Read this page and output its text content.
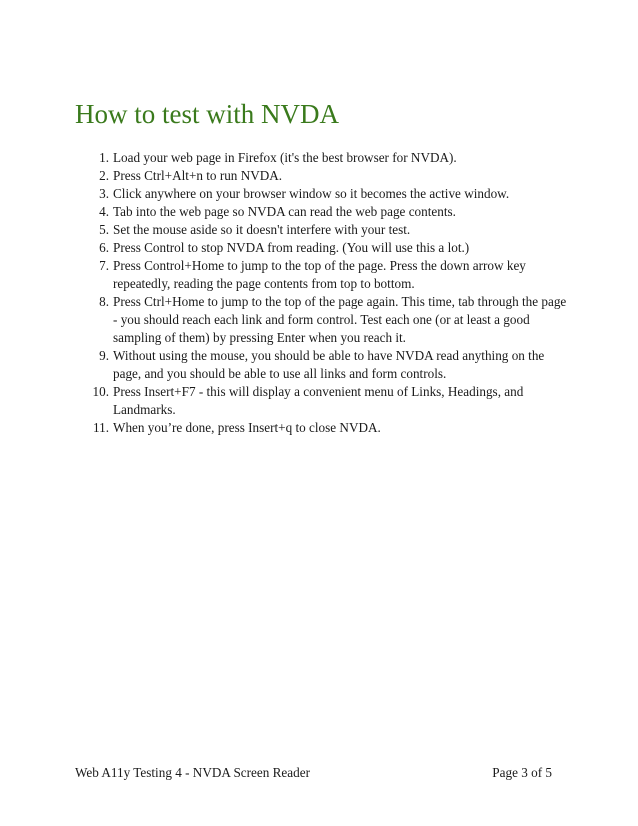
How to test with NVDA
1. Load your web page in Firefox (it's the best browser for NVDA).
2. Press Ctrl+Alt+n to run NVDA.
3. Click anywhere on your browser window so it becomes the active window.
4. Tab into the web page so NVDA can read the web page contents.
5. Set the mouse aside so it doesn't interfere with your test.
6. Press Control to stop NVDA from reading. (You will use this a lot.)
7. Press Control+Home to jump to the top of the page. Press the down arrow key repeatedly, reading the page contents from top to bottom.
8. Press Ctrl+Home to jump to the top of the page again. This time, tab through the page - you should reach each link and form control. Test each one (or at least a good sampling of them) by pressing Enter when you reach it.
9. Without using the mouse, you should be able to have NVDA read anything on the page, and you should be able to use all links and form controls.
10. Press Insert+F7 - this will display a convenient menu of Links, Headings, and Landmarks.
11. When you’re done, press Insert+q to close NVDA.
Web A11y Testing 4 - NVDA Screen Reader	Page 3 of 5
